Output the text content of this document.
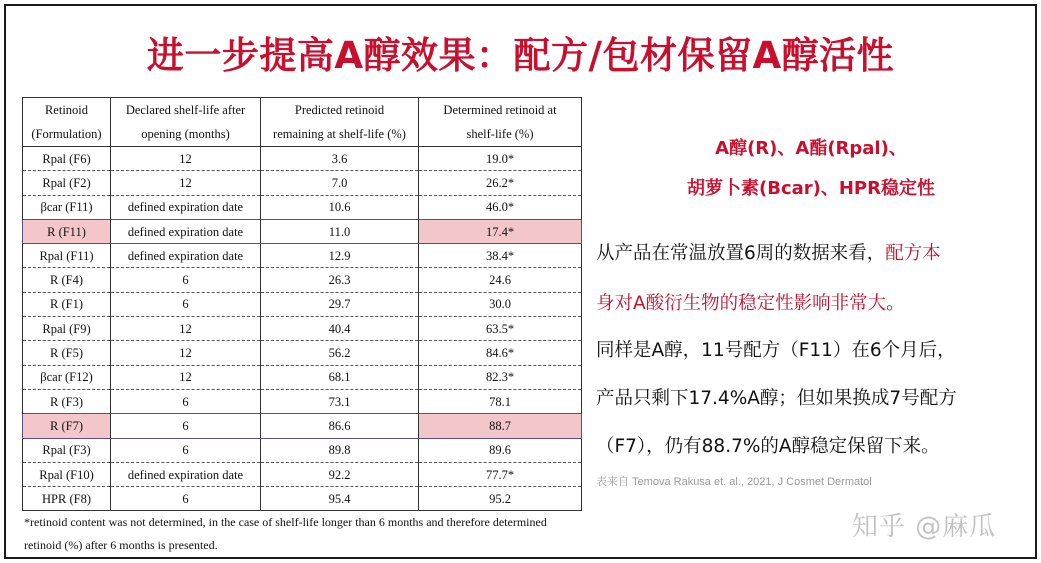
进一步提高A醇效果：配方/包材保留A醇活性
Retinoid	Declared shelf-life after	Predicted retinoid	Determined retinoid at
(Formulation)	opening (months)	remaining at shelf-life (%)	shelf-life (%)
Rpal (F6)	12	3.6	19.0*
Rpal (F2)	12	7.0	26.2*
βcar (F11)	defined expiration date	10.6	46.0*
R (F11)	defined expiration date	11.0	17.4*
Rpal (F11)	defined expiration date	12.9	38.4*
R (F4)	6	26.3	24.6
R (F1)	6	29.7	30.0
Rpal (F9)	12	40.4	63.5*
R (F5)	12	56.2	84.6*
βcar (F12)	12	68.1	82.3*
R (F3)	6	73.1	78.1
R (F7)	6	86.6	88.7
Rpal (F3)	6	89.8	89.6
Rpal (F10)	defined expiration date	92.2	77.7*
HPR (F8)	6	95.4	95.2
*retinoid content was not determined, in the case of shelf-life longer than 6 months and therefore determined
retinoid (%) after 6 months is presented.
A醇(R)、A酯(Rpal)、
胡萝卜素(Bcar)、HPR稳定性
从产品在常温放置6周的数据来看，配方本
身对A酸衍生物的稳定性影响非常大。
同样是A醇，11号配方（F11）在6个月后，
产品只剩下17.4%A醇；但如果换成7号配方
（F7），仍有88.7%的A醇稳定保留下来。
表来自 Temova Rakusa et. al., 2021, J Cosmet Dermatol
知乎 @麻瓜
